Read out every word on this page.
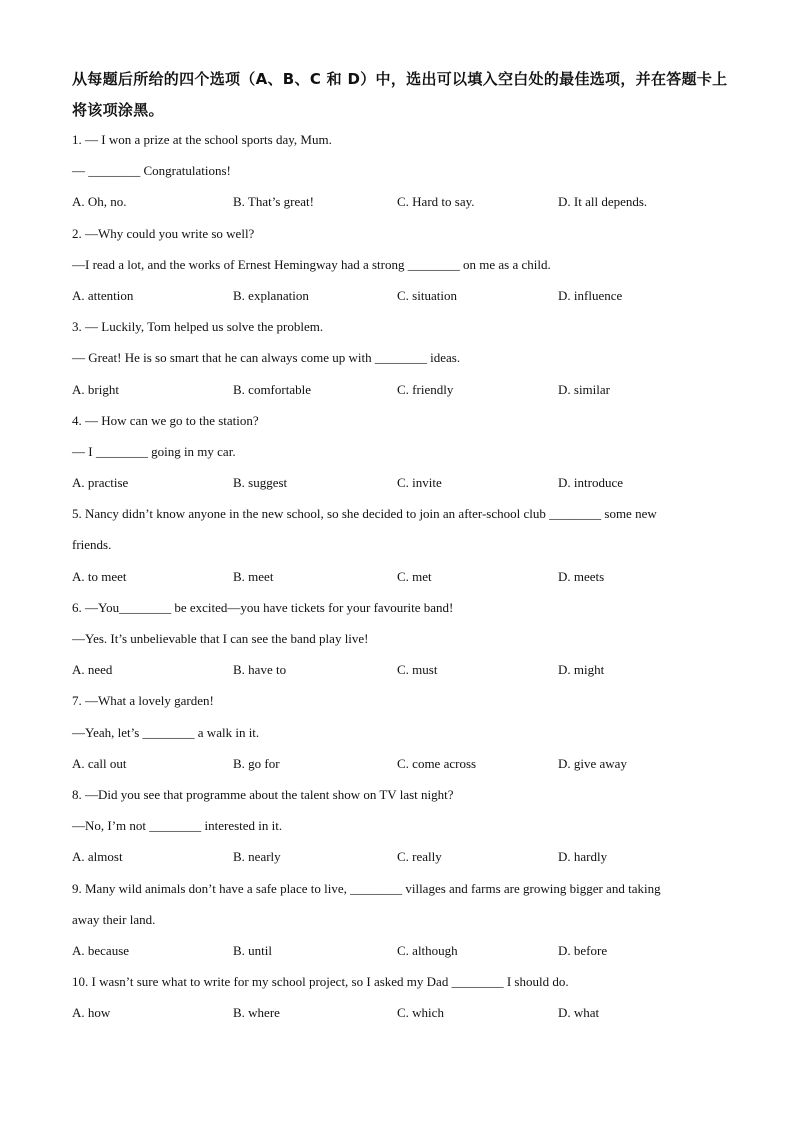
从每题后所给的四个选项（A、B、C 和 D）中，选出可以填入空白处的最佳选项，并在答题卡上将该项涂黑。
1. — I won a prize at the school sports day, Mum.
— ________ Congratulations!
A. Oh, no.	B. That’s great!	C. Hard to say.	D. It all depends.
2. —Why could you write so well?
—I read a lot, and the works of Ernest Hemingway had a strong ________ on me as a child.
A. attention	B. explanation	C. situation	D. influence
3. — Luckily, Tom helped us solve the problem.
— Great! He is so smart that he can always come up with ________ ideas.
A. bright	B. comfortable	C. friendly	D. similar
4. — How can we go to the station?
— I ________ going in my car.
A. practise	B. suggest	C. invite	D. introduce
5. Nancy didn’t know anyone in the new school, so she decided to join an after-school club ________ some new
friends.
A. to meet	B. meet	C. met	D. meets
6. —You________ be excited—you have tickets for your favourite band!
—Yes. It’s unbelievable that I can see the band play live!
A. need	B. have to	C. must	D. might
7. —What a lovely garden!
—Yeah, let’s ________ a walk in it.
A. call out	B. go for	C. come across	D. give away
8. —Did you see that programme about the talent show on TV last night?
—No, I’m not ________ interested in it.
A. almost	B. nearly	C. really	D. hardly
9. Many wild animals don’t have a safe place to live, ________ villages and farms are growing bigger and taking
away their land.
A. because	B. until	C. although	D. before
10. I wasn’t sure what to write for my school project, so I asked my Dad ________ I should do.
A. how	B. where	C. which	D. what
